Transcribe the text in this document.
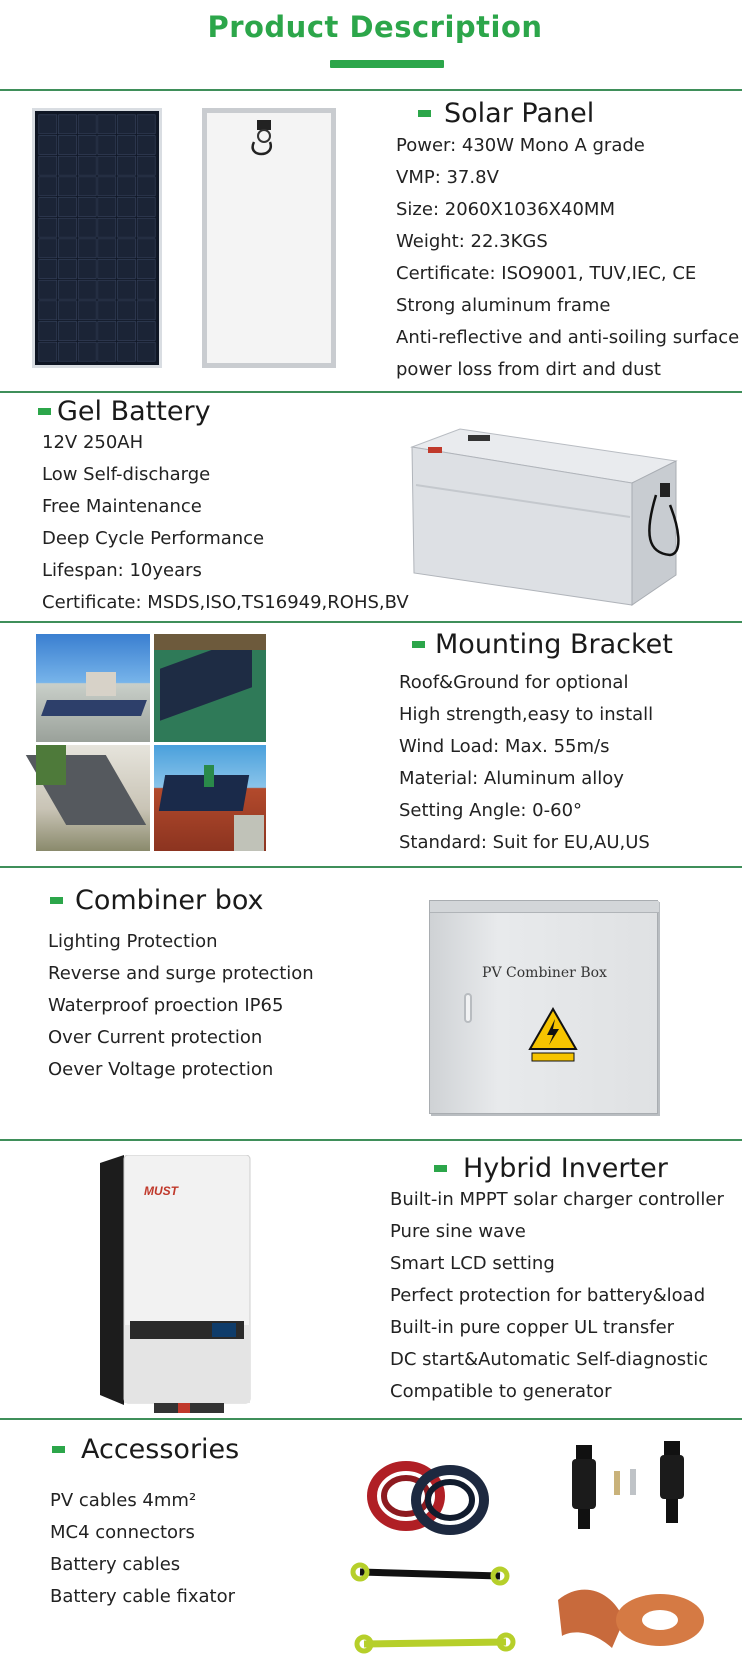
Product Description
Solar Panel
Power: 430W Mono A grade
VMP: 37.8V
Size: 2060X1036X40MM
Weight: 22.3KGS
Certificate: ISO9001, TUV,IEC, CE
Strong aluminum frame
Anti-reflective and anti-soiling surface
power loss from dirt and dust
Gel Battery
12V 250AH
Low Self-discharge
Free Maintenance
Deep Cycle Performance
Lifespan: 10years
Certificate: MSDS,ISO,TS16949,ROHS,BV
Mounting Bracket
Roof&Ground for optional
High strength,easy to install
Wind Load: Max. 55m/s
Material: Aluminum alloy
Setting Angle: 0-60°
Standard: Suit for EU,AU,US
Combiner box
Lighting Protection
Reverse and surge protection
Waterproof proection IP65
Over Current protection
Oever Voltage protection
PV Combiner Box
MUST
Hybrid Inverter
Built-in MPPT solar charger controller
Pure sine wave
Smart LCD setting
Perfect protection for battery&load
Built-in pure copper UL transfer
DC start&Automatic Self-diagnostic
Compatible to generator
Accessories
PV cables 4mm²
MC4 connectors
Battery cables
Battery cable fixator
